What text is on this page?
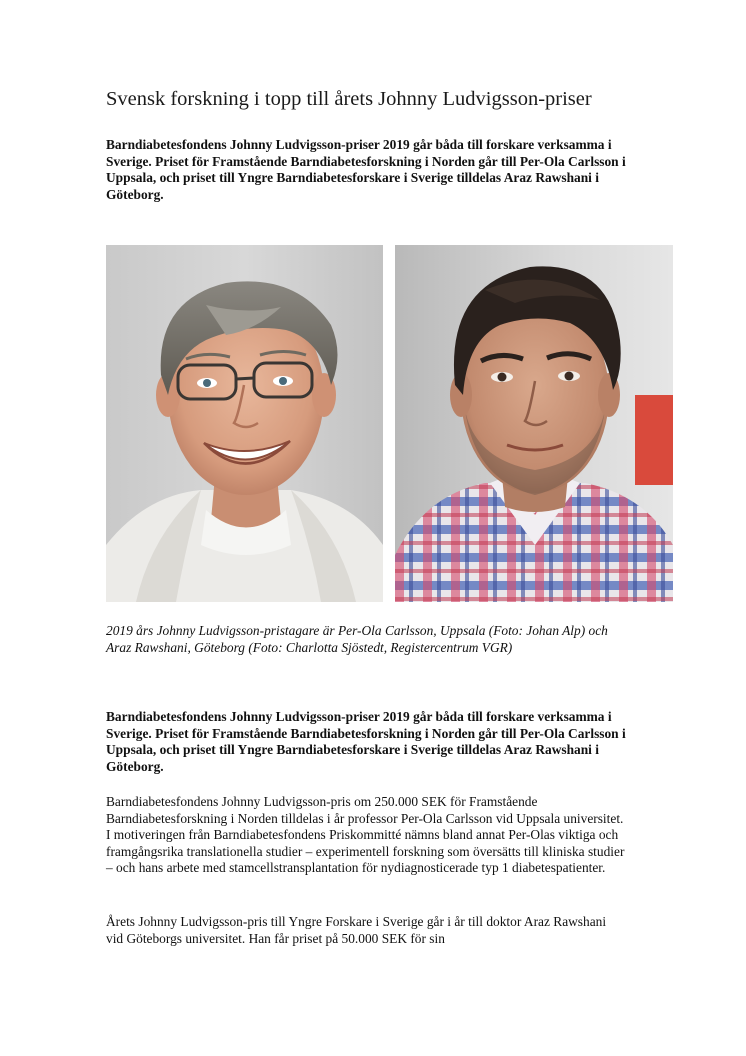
Svensk forskning i topp till årets Johnny Ludvigsson-priser

Barndiabetesfondens Johnny Ludvigsson-priser 2019 går båda till forskare verksamma i Sverige. Priset för Framstående Barndiabetesforskning i Norden går till Per-Ola Carlsson i Uppsala, och priset till Yngre Barndiabetesforskare i Sverige tilldelas Araz Rawshani i Göteborg.

2019 års Johnny Ludvigsson-pristagare är Per-Ola Carlsson, Uppsala (Foto: Johan Alp) och Araz Rawshani, Göteborg (Foto: Charlotta Sjöstedt, Registercentrum VGR)

Barndiabetesfondens Johnny Ludvigsson-priser 2019 går båda till forskare verksamma i Sverige. Priset för Framstående Barndiabetesforskning i Norden går till Per-Ola Carlsson i Uppsala, och priset till Yngre Barndiabetesforskare i Sverige tilldelas Araz Rawshani i Göteborg.

Barndiabetesfondens Johnny Ludvigsson-pris om 250.000 SEK för Framstående Barndiabetesforskning i Norden tilldelas i år professor Per-Ola Carlsson vid Uppsala universitet. I motiveringen från Barndiabetesfondens Priskommitté nämns bland annat Per-Olas viktiga och framgångsrika translationella studier – experimentell forskning som översätts till kliniska studier – och hans arbete med stamcellstransplantation för nydiagnosticerade typ 1 diabetespatienter.

Årets Johnny Ludvigsson-pris till Yngre Forskare i Sverige går i år till doktor Araz Rawshani vid Göteborgs universitet. Han får priset på 50.000 SEK för sin
